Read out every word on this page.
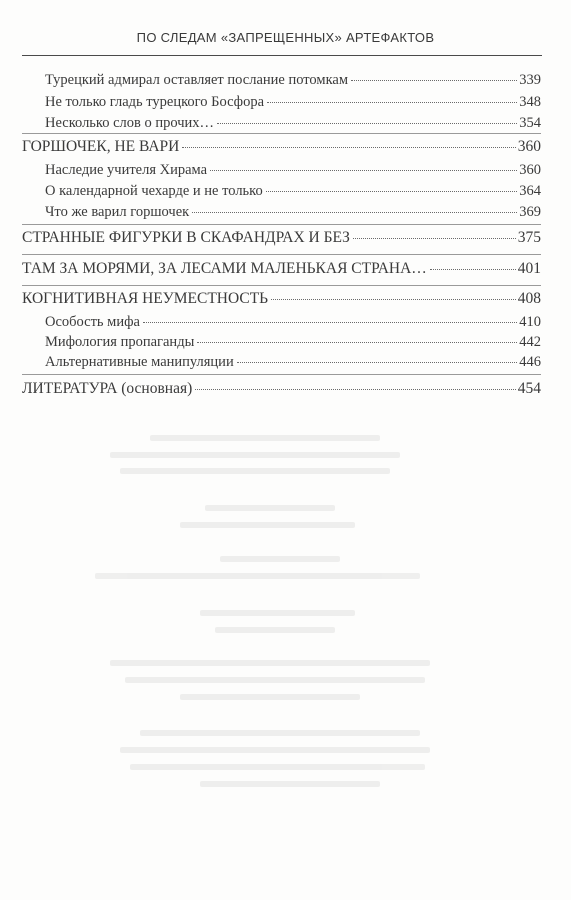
ПО СЛЕДАМ «ЗАПРЕЩЕННЫХ» АРТЕФАКТОВ
Турецкий адмирал оставляет послание потомкам	339
Не только гладь турецкого Босфора	348
Несколько слов о прочих…	354
ГОРШОЧЕК, НЕ ВАРИ	360
Наследие учителя Хирама	360
О календарной чехарде и не только	364
Что же варил горшочек	369
СТРАННЫЕ ФИГУРКИ В СКАФАНДРАХ И БЕЗ	375
ТАМ ЗА МОРЯМИ, ЗА ЛЕСАМИ МАЛЕНЬКАЯ СТРАНА…	401
КОГНИТИВНАЯ НЕУМЕСТНОСТЬ	408
Особость мифа	410
Мифология пропаганды	442
Альтернативные манипуляции	446
ЛИТЕРАТУРА (основная)	454
